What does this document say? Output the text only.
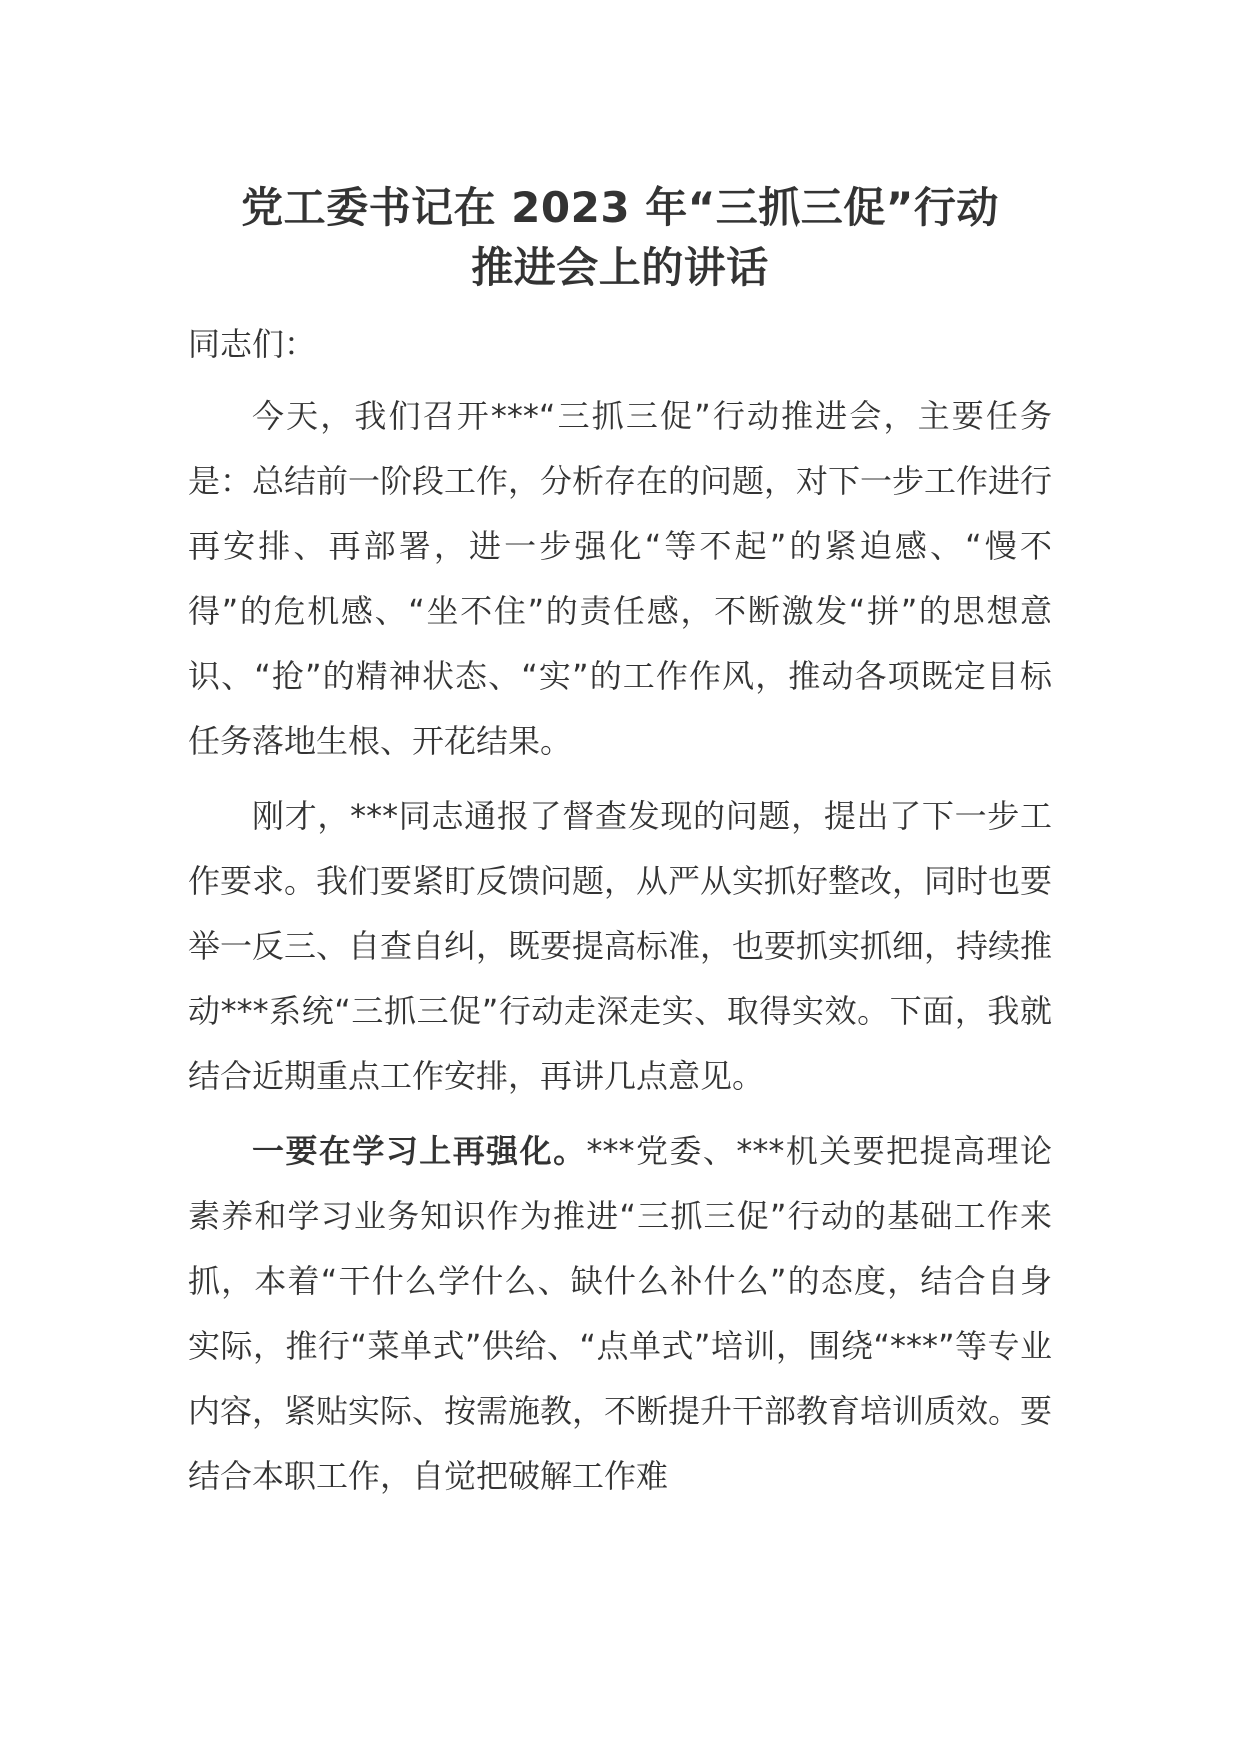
党工委书记在 2023 年“三抓三促”行动
推进会上的讲话

同志们：

今天，我们召开***“三抓三促”行动推进会，主要任务是：总结前一阶段工作，分析存在的问题，对下一步工作进行再安排、再部署，进一步强化“等不起”的紧迫感、“慢不得”的危机感、“坐不住”的责任感，不断激发“拼”的思想意识、“抢”的精神状态、“实”的工作作风，推动各项既定目标任务落地生根、开花结果。

刚才，***同志通报了督查发现的问题，提出了下一步工作要求。我们要紧盯反馈问题，从严从实抓好整改，同时也要举一反三、自查自纠，既要提高标准，也要抓实抓细，持续推动***系统“三抓三促”行动走深走实、取得实效。下面，我就结合近期重点工作安排，再讲几点意见。

一要在学习上再强化。***党委、***机关要把提高理论素养和学习业务知识作为推进“三抓三促”行动的基础工作来抓，本着“干什么学什么、缺什么补什么”的态度，结合自身实际，推行“菜单式”供给、“点单式”培训，围绕“***”等专业内容，紧贴实际、按需施教，不断提升干部教育培训质效。要结合本职工作，自觉把破解工作难
